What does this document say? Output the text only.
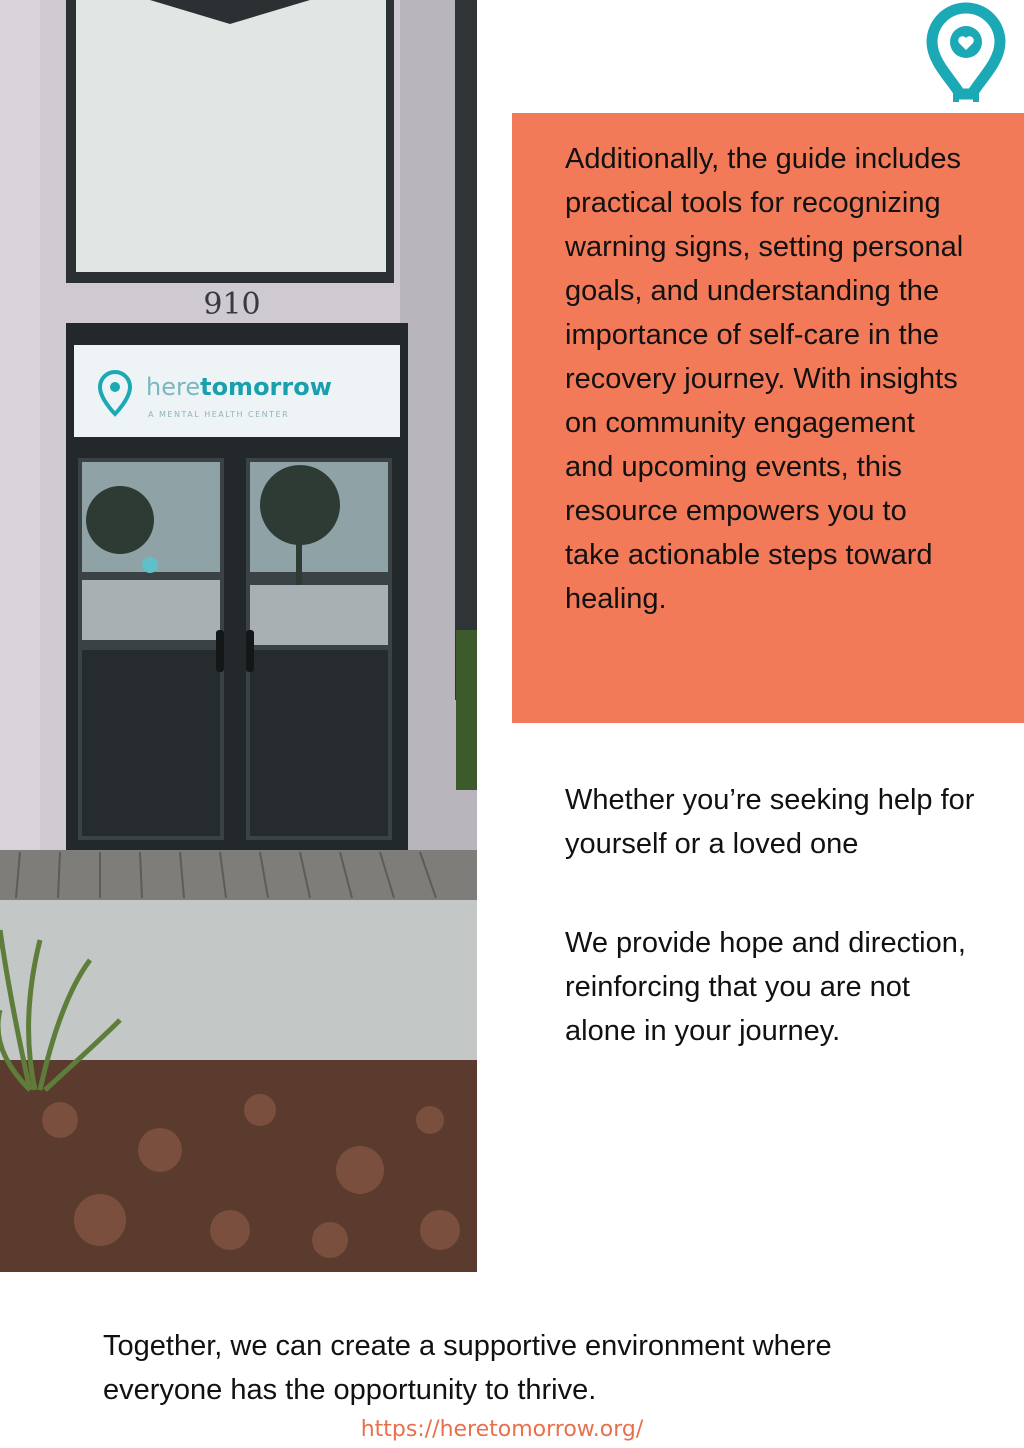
910
heretomorrow
A MENTAL HEALTH CENTER

Additionally, the guide includes practical tools for recognizing warning signs, setting personal goals, and understanding the importance of self-care in the recovery journey. With insights on community engagement and upcoming events, this resource empowers you to take actionable steps toward healing.

Whether you’re seeking help for yourself or a loved one

We provide hope and direction, reinforcing that you are not alone in your journey.

Together, we can create a supportive environment where everyone has the opportunity to thrive.

https://heretomorrow.org/
